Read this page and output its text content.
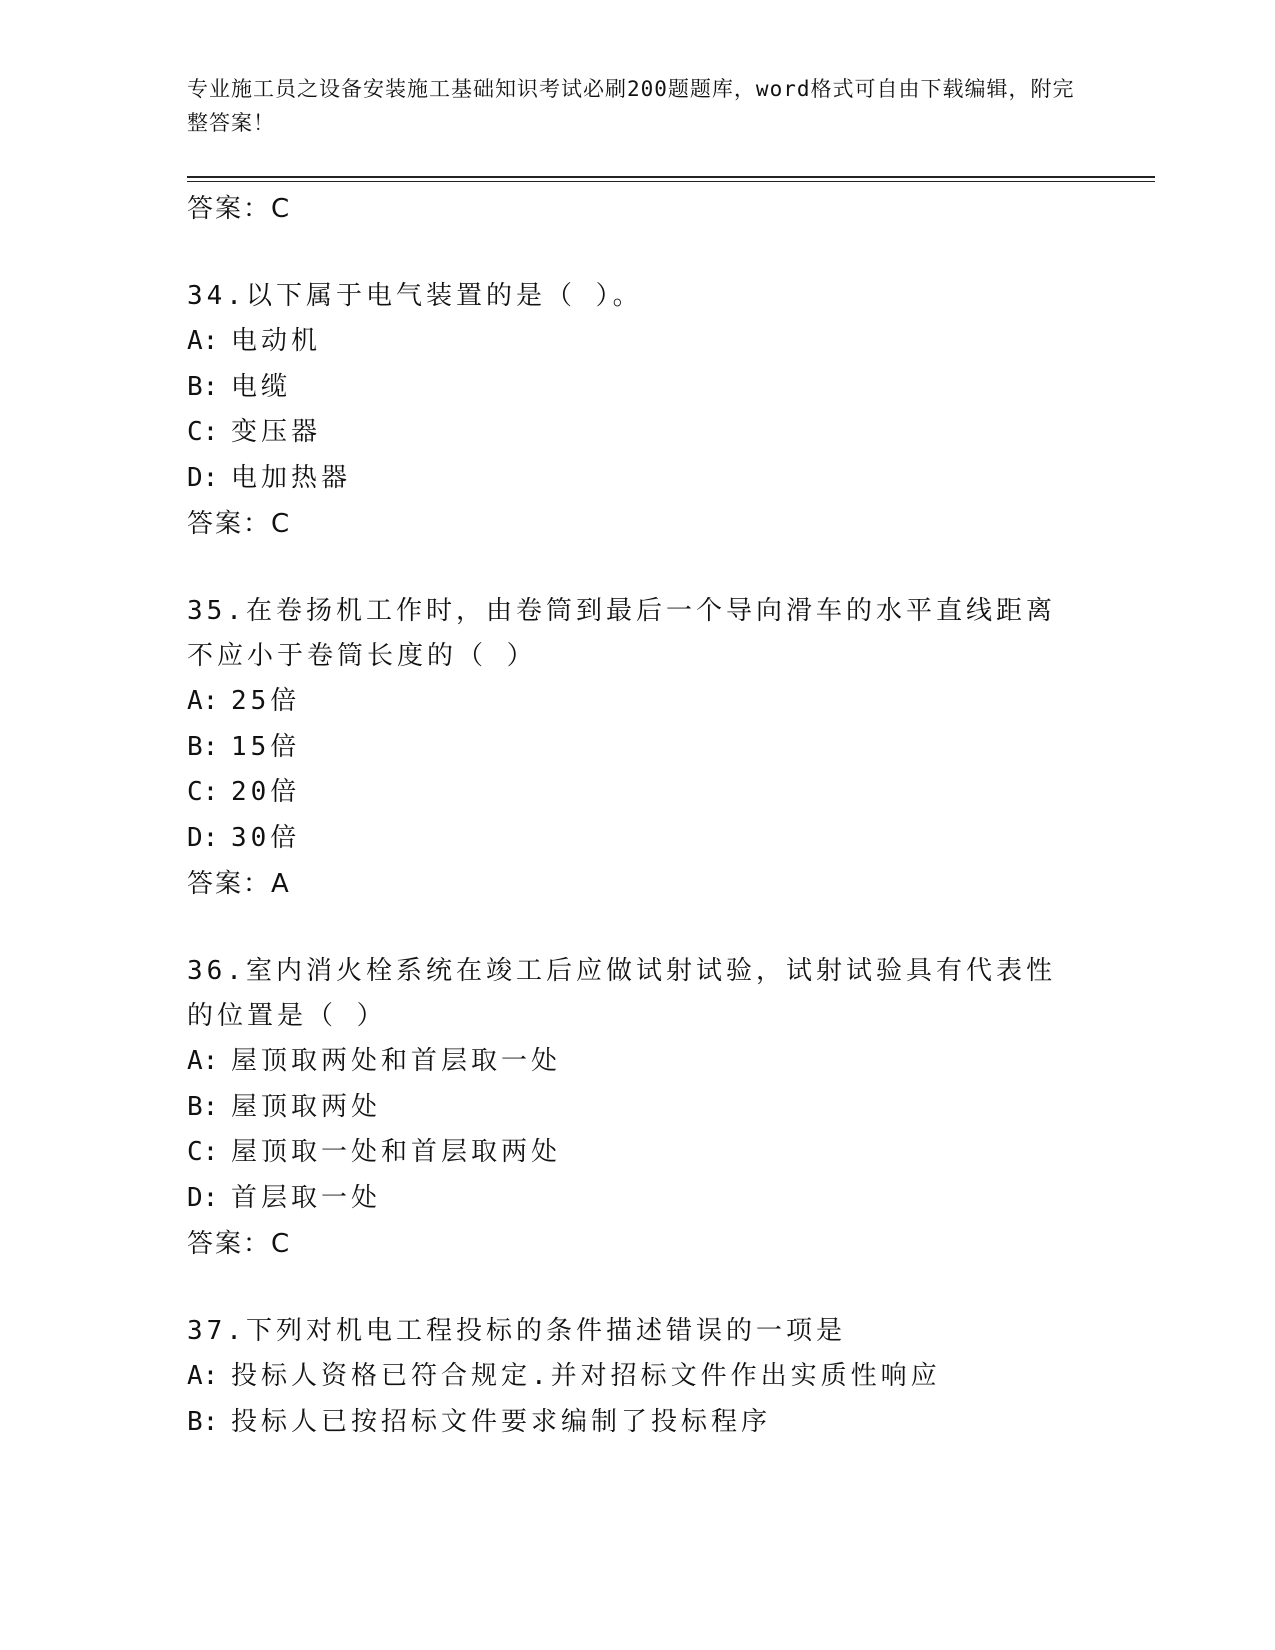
专业施工员之设备安装施工基础知识考试必刷200题题库，word格式可自由下载编辑，附完整答案！
答案：C
34.以下属于电气装置的是（ ）。
A: 电动机
B: 电缆
C: 变压器
D: 电加热器
答案：C
35.在卷扬机工作时，由卷筒到最后一个导向滑车的水平直线距离不应小于卷筒长度的（ ）
A: 25倍
B: 15倍
C: 20倍
D: 30倍
答案：A
36.室内消火栓系统在竣工后应做试射试验，试射试验具有代表性的位置是（ ）
A: 屋顶取两处和首层取一处
B: 屋顶取两处
C: 屋顶取一处和首层取两处
D: 首层取一处
答案：C
37.下列对机电工程投标的条件描述错误的一项是
A: 投标人资格已符合规定.并对招标文件作出实质性响应
B: 投标人已按招标文件要求编制了投标程序
